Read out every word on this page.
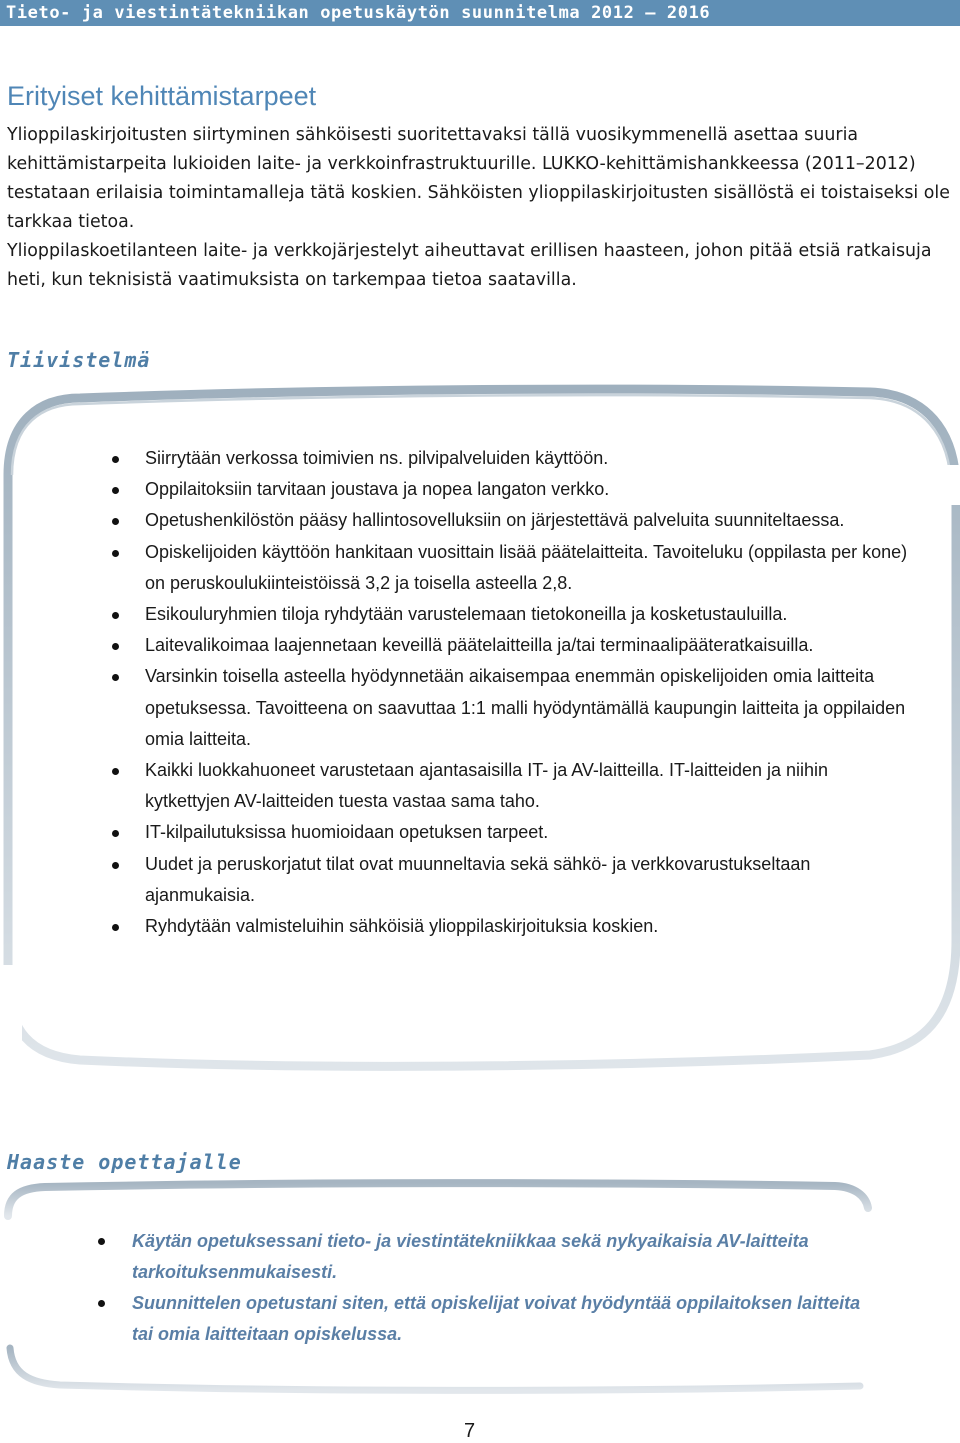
Tieto- ja viestintätekniikan opetuskäytön suunnitelma 2012 – 2016
Erityiset kehittämistarpeet

Ylioppilaskirjoitusten siirtyminen sähköisesti suoritettavaksi tällä vuosikymmenellä asettaa suuria kehittämistarpeita lukioiden laite- ja verkkoinfrastruktuurille. LUKKO-kehittämishankkeessa (2011–2012) testataan erilaisia toimintamalleja tätä koskien. Sähköisten ylioppilaskirjoitusten sisällöstä ei toistaiseksi ole tarkkaa tietoa.

Ylioppilaskoetilanteen laite- ja verkkojärjestelyt aiheuttavat erillisen haasteen, johon pitää etsiä ratkaisuja heti, kun teknisistä vaatimuksista on tarkempaa tietoa saatavilla.

Tiivistelmä
Siirrytään verkossa toimivien ns. pilvipalveluiden käyttöön.
Oppilaitoksiin tarvitaan joustava ja nopea langaton verkko.
Opetushenkilöstön pääsy hallintosovelluksiin on järjestettävä palveluita suunniteltaessa.
Opiskelijoiden käyttöön hankitaan vuosittain lisää päätelaitteita. Tavoiteluku (oppilasta per kone) on peruskoulukiinteistöissä 3,2 ja toisella asteella 2,8.
Esikouluryhmien tiloja ryhdytään varustelemaan tietokoneilla ja kosketustauluilla.
Laitevalikoimaa laajennetaan keveillä päätelaitteilla ja/tai terminaalipääteratkaisuilla.
Varsinkin toisella asteella hyödynnetään aikaisempaa enemmän opiskelijoiden omia laitteita opetuksessa. Tavoitteena on saavuttaa 1:1 malli hyödyntämällä kaupungin laitteita ja oppilaiden omia laitteita.
Kaikki luokkahuoneet varustetaan ajantasaisilla IT- ja AV-laitteilla. IT-laitteiden ja niihin kytkettyjen AV-laitteiden tuesta vastaa sama taho.
IT-kilpailutuksissa huomioidaan opetuksen tarpeet.
Uudet ja peruskorjatut tilat ovat muunneltavia sekä sähkö- ja verkkovarustukseltaan ajanmukaisia.
Ryhdytään valmisteluihin sähköisiä ylioppilaskirjoituksia koskien.
Haaste opettajalle
Käytän opetuksessani tieto- ja viestintätekniikkaa sekä nykyaikaisia AV-laitteita tarkoituksenmukaisesti.
Suunnittelen opetustani siten, että opiskelijat voivat hyödyntää oppilaitoksen laitteita tai omia laitteitaan opiskelussa.
7
